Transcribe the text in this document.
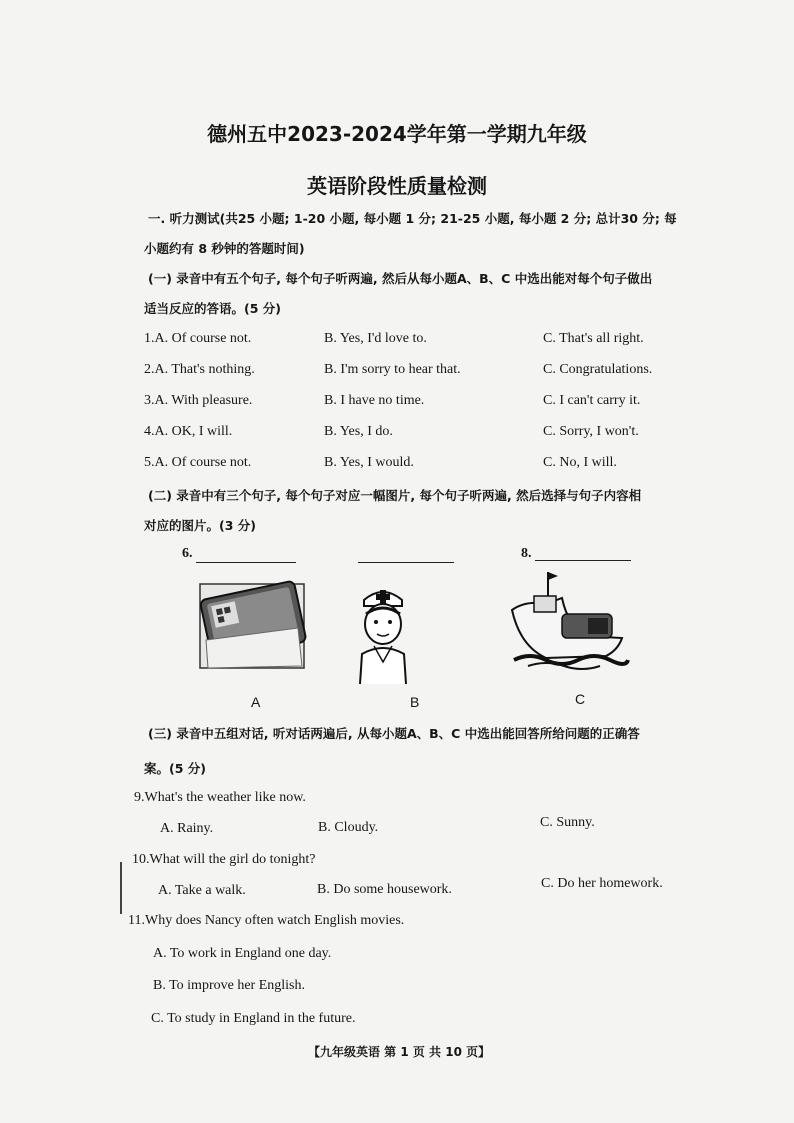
德州五中2023-2024学年第一学期九年级
英语阶段性质量检测
一. 听力测试(共25 小题; 1-20 小题, 每小题 1 分; 21-25 小题, 每小题 2 分; 总计30 分; 每
小题约有 8 秒钟的答题时间)
(一) 录音中有五个句子, 每个句子听两遍, 然后从每小题A、B、C 中选出能对每个句子做出
适当反应的答语。(5 分)
1.A. Of course not.	B. Yes, I'd love to.	C. That's all right.
2.A. That's nothing.	B. I'm sorry to hear that.	C. Congratulations.
3.A. With pleasure.	B. I have no time.	C. I can't carry it.
4.A. OK, I will.	B. Yes, I do.	C. Sorry, I won't.
5.A. Of course not.	B. Yes, I would.	C. No, I will.
(二) 录音中有三个句子, 每个句子对应一幅图片, 每个句子听两遍, 然后选择与句子内容相
对应的图片。(3 分)
6.	8.
A	B	C
(三) 录音中五组对话, 听对话两遍后, 从每小题A、B、C 中选出能回答所给问题的正确答
案。(5 分)
9.What's the weather like now.
A. Rainy.	B. Cloudy.	C. Sunny.
10.What will the girl do tonight?
A. Take a walk.	B. Do some housework.	C. Do her homework.
11.Why does Nancy often watch English movies.
A. To work in England one day.
B. To improve her English.
C. To study in England in the future.
【九年级英语 第 1 页 共 10 页】
